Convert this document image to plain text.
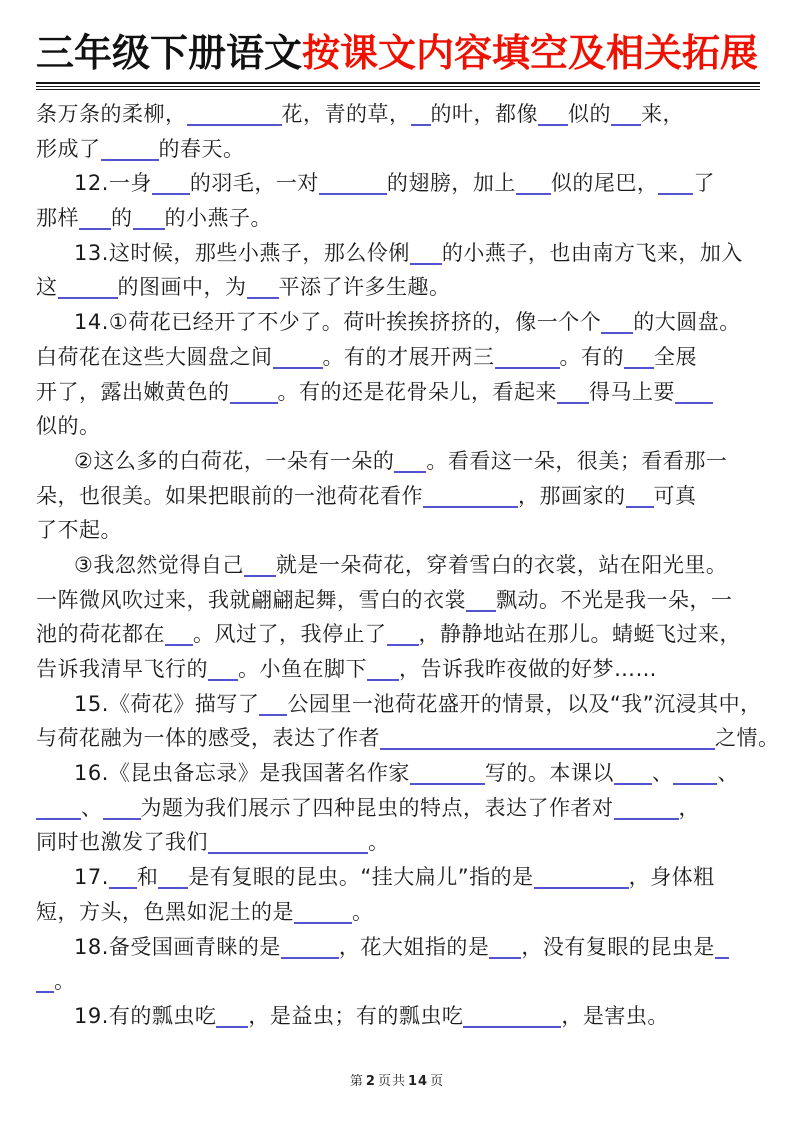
三年级下册语文按课文内容填空及相关拓展
条万条的柔柳，	花，青的草， 的叶，都像 似的 来，
形成了	的春天。
12.一身 的羽毛，一对	的翅膀，加上 似的尾巴， 了
那样 的 的小燕子。
13.这时候，那些小燕子，那么伶俐 的小燕子，也由南方飞来，加入
这	的图画中，为 平添了许多生趣。
14.①荷花已经开了不少了。荷叶挨挨挤挤的，像一个个 的大圆盘。
白荷花在这些大圆盘之间 。有的才展开两三	。有的 全展
开了，露出嫩黄色的 。有的还是花骨朵儿，看起来 得马上要
似的。
②这么多的白荷花，一朵有一朵的 。看看这一朵，很美；看看那一
朵，也很美。如果把眼前的一池荷花看作	，那画家的 可真
了不起。
③我忽然觉得自己 就是一朵荷花，穿着雪白的衣裳，站在阳光里。
一阵微风吹过来，我就翩翩起舞，雪白的衣裳 飘动。不光是我一朵，一
池的荷花都在 。风过了，我停止了 ，静静地站在那儿。蜻蜓飞过来，
告诉我清早飞行的 。小鱼在脚下 ，告诉我昨夜做的好梦……
15.《荷花》描写了 公园里一池荷花盛开的情景，以及“我”沉浸其中，
与荷花融为一体的感受，表达了作者	之情。
16.《昆虫备忘录》是我国著名作家	写的。本课以 、 、
、 为题为我们展示了四种昆虫的特点，表达了作者对	，
同时也激发了我们	。
17. 和 是有复眼的昆虫。“挂大扁儿”指的是	，身体粗
短，方头，色黑如泥土的是	。
18.备受国画青睐的是	，花大姐指的是 ，没有复眼的昆虫是
。
19.有的瓢虫吃 ，是益虫；有的瓢虫吃	，是害虫。
第 2 页共 14 页
